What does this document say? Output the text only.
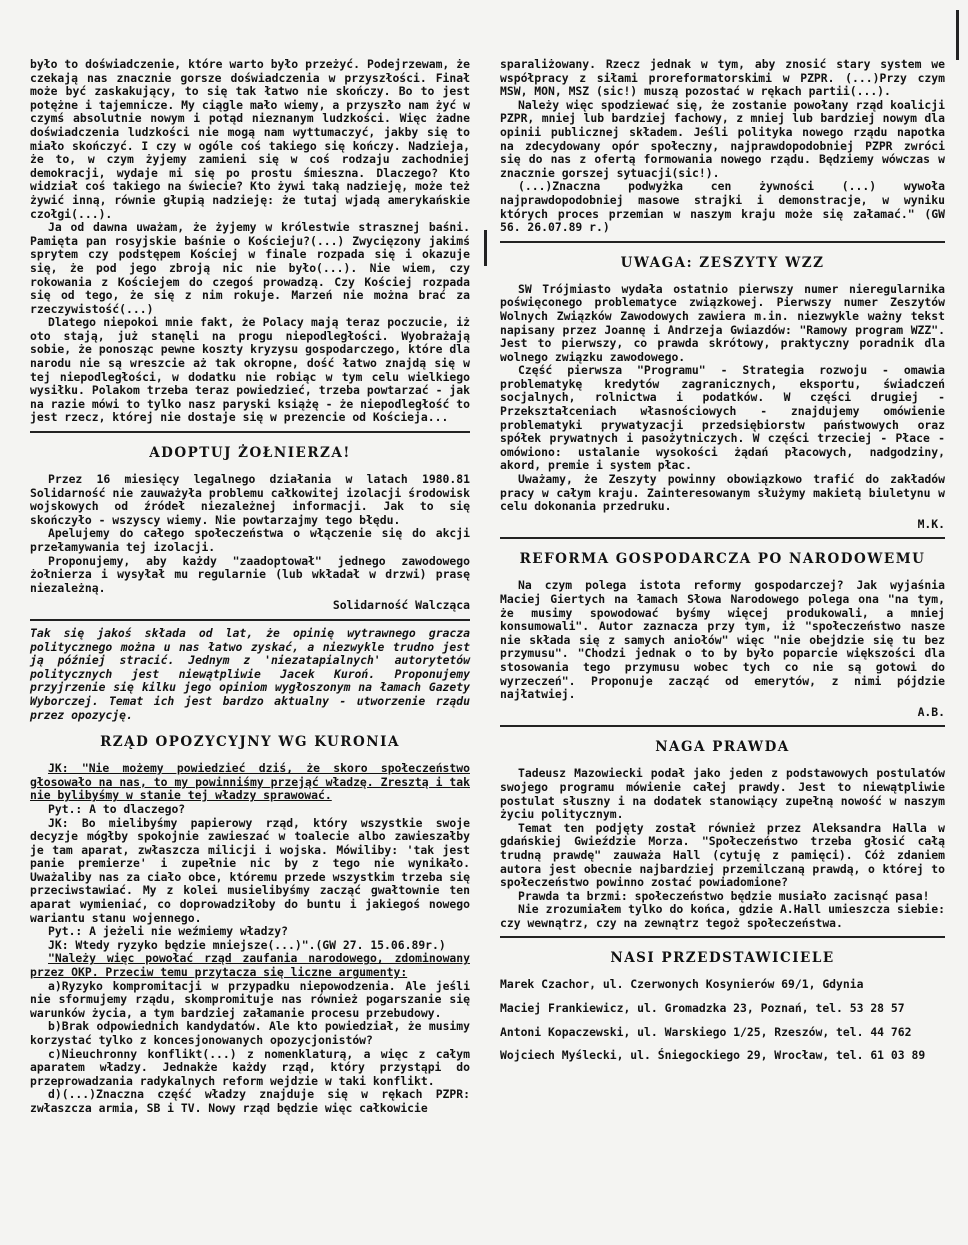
było to doświadczenie, które warto było przeżyć. Podejrzewam, że czekają nas znacznie gorsze doświadczenia w przyszłości. Finał może być zaskakujący, to się tak łatwo nie skończy. Bo to jest potężne i tajemnicze. My ciągle mało wiemy, a przyszło nam żyć w czymś absolutnie nowym i potąd nieznanym ludzkości. Więc żadne doświadczenia ludzkości nie mogą nam wyttumaczyć, jakby się to miało skończyć. I czy w ogóle coś takiego się kończy. Nadzieja, że to, w czym żyjemy zamieni się w coś rodzaju zachodniej demokracji, wydaje mi się po prostu śmieszna. Dlaczego? Kto widział coś takiego na świecie? Kto żywi taką nadzieję, może też żywić inną, równie głupią nadzieję: że tutaj wjadą amerykańskie czołgi(...).

Ja od dawna uważam, że żyjemy w królestwie strasznej baśni. Pamięta pan rosyjskie baśnie o Kościeju?(...) Zwycięzony jakimś sprytem czy podstępem Kościej w finale rozpada się i okazuje się, że pod jego zbroją nic nie było(...). Nie wiem, czy rokowania z Kościejem do czegoś prowadzą. Czy Kościej rozpada się od tego, że się z nim rokuje. Marzeń nie można brać za rzeczywistość(...)

Dlatego niepokoi mnie fakt, że Polacy mają teraz poczucie, iż oto stają, już stanęli na progu niepodległości. Wyobrażają sobie, że ponosząc pewne koszty kryzysu gospodarczego, które dla narodu nie są wreszcie aż tak okropne, dość łatwo znajdą się w tej niepodległości, w dodatku nie robiąc w tym celu wielkiego wysiłku. Polakom trzeba teraz powiedzieć, trzeba powtarzać - jak na razie mówi to tylko nasz paryski książę - że niepodległość to jest rzecz, której nie dostaje się w prezencie od Kościeja...

ADOPTUJ ŻOŁNIERZA!

Przez 16 miesięcy legalnego działania w latach 1980.81 Solidarność nie zauważyła problemu całkowitej izolacji środowisk wojskowych od źródeł niezależnej informacji. Jak to się skończyło - wszyscy wiemy. Nie powtarzajmy tego błędu.

Apelujemy do całego społeczeństwa o włączenie się do akcji przełamywania tej izolacji.

Proponujemy, aby każdy "zaadoptował" jednego zawodowego żołnierza i wysyłał mu regularnie (lub wkładał w drzwi) prasę niezależną.

Solidarność Walcząca

Tak się jakoś składa od lat, że opinię wytrawnego gracza politycznego można u nas łatwo zyskać, a niezwykle trudno jest ją później stracić. Jednym z 'niezatapialnych' autorytetów politycznych jest niewątpliwie Jacek Kuroń. Proponujemy przyjrzenie się kilku jego opiniom wygłoszonym na łamach Gazety Wyborczej. Temat ich jest bardzo aktualny - utworzenie rządu przez opozycję.

RZĄD OPOZYCYJNY WG KURONIA

JK: "Nie możemy powiedzieć dziś, że skoro społeczeństwo głosowało na nas, to my powinniśmy przejąć władzę. Zresztą i tak nie bylibyśmy w stanie tej władzy sprawować.

Pyt.: A to dlaczego?

JK: Bo mielibyśmy papierowy rząd, który wszystkie swoje decyzje mógłby spokojnie zawieszać w toalecie albo zawieszałby je tam aparat, zwłaszcza milicji i wojska. Mówiliby: 'tak jest panie premierze' i zupełnie nic by z tego nie wynikało. Uważaliby nas za ciało obce, któremu przede wszystkim trzeba się przeciwstawiać. My z kolei musielibyśmy zacząć gwałtownie ten aparat wymieniać, co doprowadziłoby do buntu i jakiegoś nowego wariantu stanu wojennego.

Pyt.: A jeżeli nie weźmiemy władzy?

JK: Wtedy ryzyko będzie mniejsze(...)".(GW 27. 15.06.89r.)

"Należy więc powołać rząd zaufania narodowego, zdominowany przez OKP. Przeciw temu przytacza się liczne argumenty:

a)Ryzyko kompromitacji w przypadku niepowodzenia. Ale jeśli nie sformujemy rządu, skompromituje nas również pogarszanie się warunków życia, a tym bardziej załamanie procesu przebudowy.

b)Brak odpowiednich kandydatów. Ale kto powiedział, że musimy korzystać tylko z koncesjonowanych opozycjonistów?

c)Nieuchronny konflikt(...) z nomenklaturą, a więc z całym aparatem władzy. Jednakże każdy rząd, który przystąpi do przeprowadzania radykalnych reform wejdzie w taki konflikt.

d)(...)Znaczna część władzy znajduje się w rękach PZPR: zwłaszcza armia, SB i TV. Nowy rząd będzie więc całkowicie

sparaliżowany. Rzecz jednak w tym, aby znosić stary system we współpracy z siłami proreformatorskimi w PZPR. (...)Przy czym MSW, MON, MSZ (sic!) muszą pozostać w rękach partii(...).

Należy więc spodziewać się, że zostanie powołany rząd koalicji PZPR, mniej lub bardziej fachowy, z mniej lub bardziej nowym dla opinii publicznej składem. Jeśli polityka nowego rządu napotka na zdecydowany opór społeczny, najprawdopodobniej PZPR zwróci się do nas z ofertą formowania nowego rządu. Będziemy wówczas w znacznie gorszej sytuacji(sic!).

(...)Znaczna podwyżka cen żywności (...) wywoła najprawdopodobniej masowe strajki i demonstracje, w wyniku których proces przemian w naszym kraju może się załamać." (GW 56. 26.07.89 r.)

UWAGA: ZESZYTY WZZ

SW Trójmiasto wydała ostatnio pierwszy numer nieregularnika poświęconego problematyce związkowej. Pierwszy numer Zeszytów Wolnych Związków Zawodowych zawiera m.in. niezwykle ważny tekst napisany przez Joannę i Andrzeja Gwiazdów: "Ramowy program WZZ". Jest to pierwszy, co prawda skrótowy, praktyczny poradnik dla wolnego związku zawodowego.

Część pierwsza "Programu" - Strategia rozwoju - omawia problematykę kredytów zagranicznych, eksportu, świadczeń socjalnych, rolnictwa i podatków. W części drugiej - Przekształceniach własnościowych - znajdujemy omówienie problematyki prywatyzacji przedsiębiorstw państwowych oraz spółek prywatnych i pasożytniczych. W części trzeciej - Płace - omówiono: ustalanie wysokości żądań płacowych, nadgodziny, akord, premie i system płac.

Uważamy, że Zeszyty powinny obowiązkowo trafić do zakładów pracy w całym kraju. Zainteresowanym służymy makietą biuletynu w celu dokonania przedruku.

M.K.
REFORMA GOSPODARCZA PO NARODOWEMU

Na czym polega istota reformy gospodarczej? Jak wyjaśnia Maciej Giertych na łamach Słowa Narodowego polega ona "na tym, że musimy spowodować byśmy więcej produkowali, a mniej konsumowali". Autor zaznacza przy tym, iż "społeczeństwo nasze nie składa się z samych aniołów" więc "nie obejdzie się tu bez przymusu". "Chodzi jednak o to by było poparcie większości dla stosowania tego przymusu wobec tych co nie są gotowi do wyrzeczeń". Proponuje zacząć od emerytów, z nimi pójdzie najłatwiej.

A.B.
NAGA PRAWDA

Tadeusz Mazowiecki podał jako jeden z podstawowych postulatów swojego programu mówienie całej prawdy. Jest to niewątpliwie postulat słuszny i na dodatek stanowiący zupełną nowość w naszym życiu politycznym.

Temat ten podjęty został również przez Aleksandra Halla w gdańskiej Gwieździe Morza. "Społeczeństwo trzeba głosić całą trudną prawdę" zauważa Hall (cytuję z pamięci). Cóż zdaniem autora jest obecnie najbardziej przemilczaną prawdą, o której to społeczeństwo powinno zostać powiadomione?

Prawda ta brzmi: społeczeństwo będzie musiało zacisnąć pasa!

Nie zrozumiałem tylko do końca, gdzie A.Hall umieszcza siebie: czy wewnątrz, czy na zewnątrz tegoż społeczeństwa.

NASI PRZEDSTAWICIELE

Marek Czachor, ul. Czerwonych Kosynierów 69/1, Gdynia

Maciej Frankiewicz, ul. Gromadzka 23, Poznań, tel. 53 28 57

Antoni Kopaczewski, ul. Warskiego 1/25, Rzeszów, tel. 44 762

Wojciech Myślecki, ul. Śniegockiego 29, Wrocław, tel. 61 03 89
